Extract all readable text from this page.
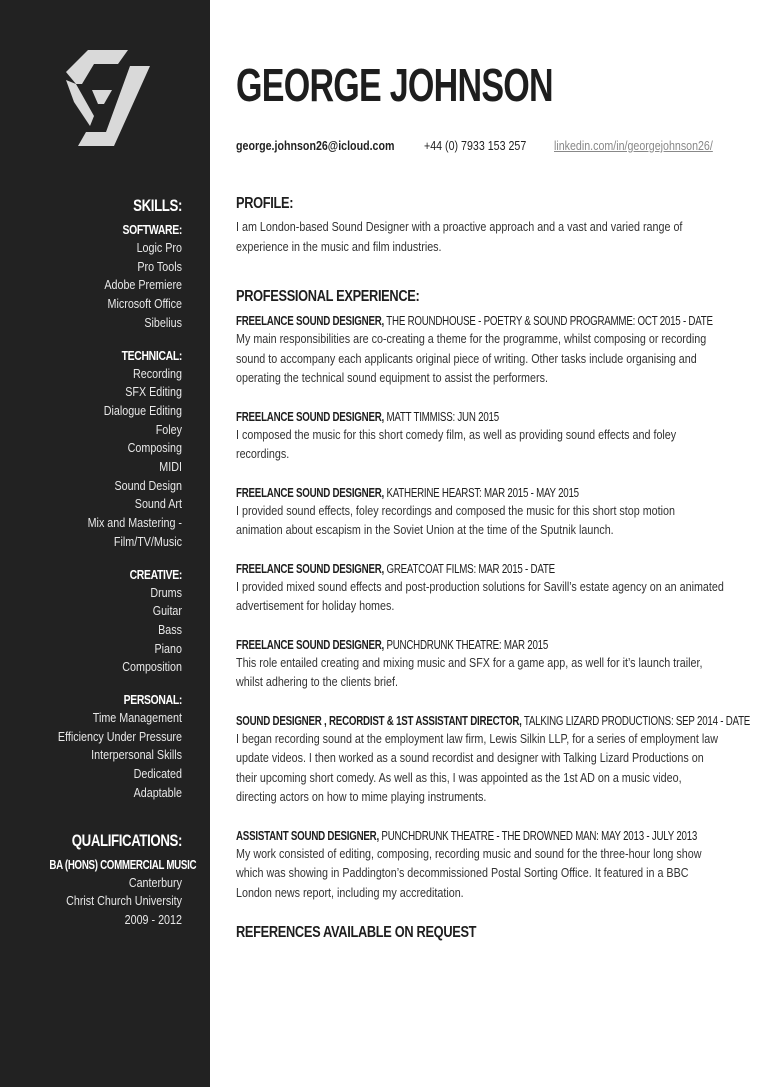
SKILLS:
SOFTWARE:
Logic Pro
Pro Tools
Adobe Premiere
Microsoft Office
Sibelius
TECHNICAL:
Recording
SFX Editing
Dialogue Editing
Foley
Composing
MIDI
Sound Design
Sound Art
Mix and Mastering -
Film/TV/Music
CREATIVE:
Drums
Guitar
Bass
Piano
Composition
PERSONAL:
Time Management
Efficiency Under Pressure
Interpersonal Skills
Dedicated
Adaptable
QUALIFICATIONS:
BA (HONS) COMMERCIAL MUSIC
Canterbury
Christ Church University
2009 - 2012
GEORGE JOHNSON
george.johnson26@icloud.com +44 (0) 7933 153 257 linkedin.com/in/georgejohnson26/
PROFILE:
I am London-based Sound Designer with a proactive approach and a vast and varied range of experience in the music and film industries.
PROFESSIONAL EXPERIENCE:
FREELANCE SOUND DESIGNER, THE ROUNDHOUSE - POETRY & SOUND PROGRAMME: OCT 2015 - DATE
My main responsibilities are co-creating a theme for the programme, whilst composing or recording sound to accompany each applicants original piece of writing. Other tasks include organising and operating the technical sound equipment to assist the performers.
FREELANCE SOUND DESIGNER, MATT TIMMISS: JUN 2015
I composed the music for this short comedy film, as well as providing sound effects and foley recordings.
FREELANCE SOUND DESIGNER, KATHERINE HEARST: MAR 2015 - MAY 2015
I provided sound effects, foley recordings and composed the music for this short stop motion animation about escapism in the Soviet Union at the time of the Sputnik launch.
FREELANCE SOUND DESIGNER, GREATCOAT FILMS: MAR 2015 - DATE
I provided mixed sound effects and post-production solutions for Savill’s estate agency on an animated advertisement for holiday homes.
FREELANCE SOUND DESIGNER, PUNCHDRUNK THEATRE: MAR 2015
This role entailed creating and mixing music and SFX for a game app, as well for it’s launch trailer, whilst adhering to the clients brief.
SOUND DESIGNER , RECORDIST & 1ST ASSISTANT DIRECTOR, TALKING LIZARD PRODUCTIONS: SEP 2014 - DATE
I began recording sound at the employment law firm, Lewis Silkin LLP, for a series of employment law update videos. I then worked as a sound recordist and designer with Talking Lizard Productions on their upcoming short comedy. As well as this, I was appointed as the 1st AD on a music video, directing actors on how to mime playing instruments.
ASSISTANT SOUND DESIGNER, PUNCHDRUNK THEATRE - THE DROWNED MAN: MAY 2013 - JULY 2013
My work consisted of editing, composing, recording music and sound for the three-hour long show which was showing in Paddington’s decommissioned Postal Sorting Office. It featured in a BBC London news report, including my accreditation.
REFERENCES AVAILABLE ON REQUEST
